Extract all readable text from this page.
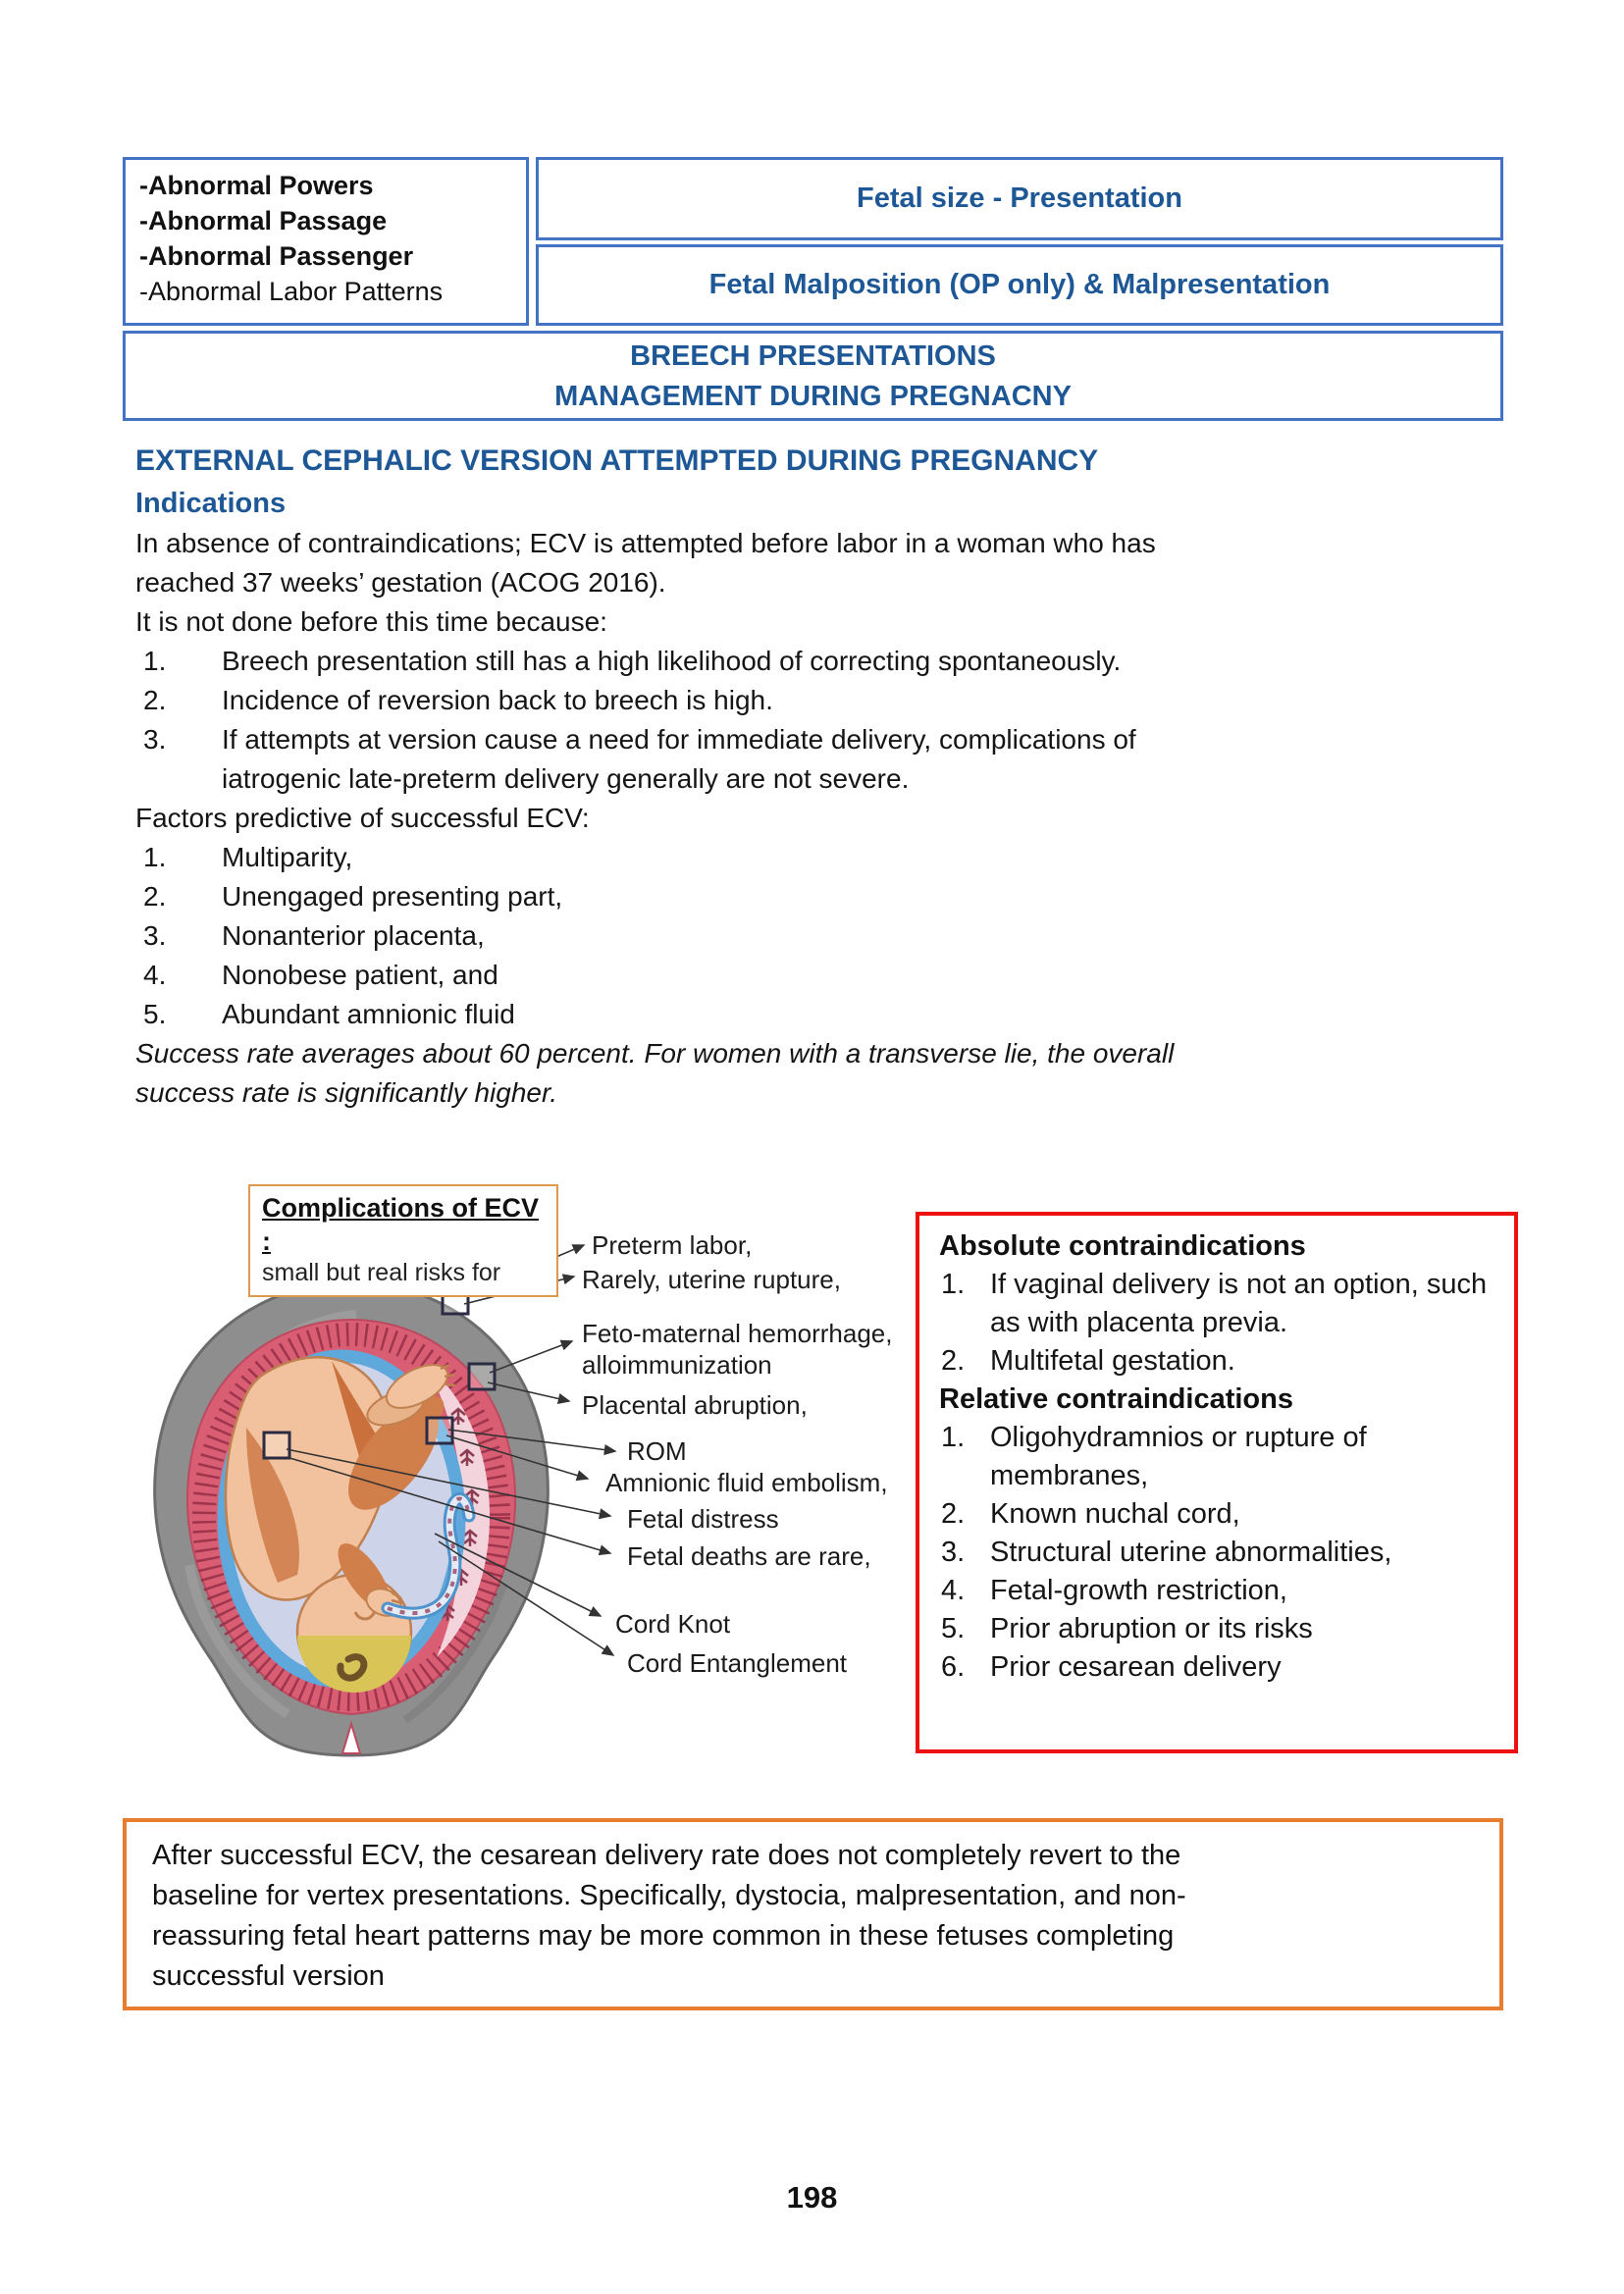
-Abnormal Powers
-Abnormal Passage
-Abnormal Passenger
-Abnormal Labor Patterns
Fetal size - Presentation
Fetal Malposition (OP only) & Malpresentation
BREECH PRESENTATIONS
MANAGEMENT DURING PREGNACNY
EXTERNAL CEPHALIC VERSION ATTEMPTED DURING PREGNANCY
Indications

In absence of contraindications; ECV is attempted before labor in a woman who has reached 37 weeks’ gestation (ACOG 2016).

It is not done before this time because:

1.	Breech presentation still has a high likelihood of correcting spontaneously.
2.	Incidence of reversion back to breech is high.
3.	If attempts at version cause a need for immediate delivery, complications of iatrogenic late-preterm delivery generally are not severe.

Factors predictive of successful ECV:

1.	Multiparity,
2.	Unengaged presenting part,
3.	Nonanterior placenta,
4.	Nonobese patient, and
5.	Abundant amnionic fluid

Success rate averages about 60 percent. For women with a transverse lie, the overall success rate is significantly higher.

Complications of ECV :
small but real risks for
Preterm labor,
Rarely, uterine rupture,
Feto-maternal hemorrhage, alloimmunization
Placental abruption,
ROM
Amnionic fluid embolism,
Fetal distress
Fetal deaths are rare,
Cord Knot
Cord Entanglement
Absolute contraindications
1. If vaginal delivery is not an option, such as with placenta previa.
2. Multifetal gestation.
Relative contraindications
1. Oligohydramnios or rupture of membranes,
2. Known nuchal cord,
3. Structural uterine abnormalities,
4. Fetal-growth restriction,
5. Prior abruption or its risks
6. Prior cesarean delivery

After successful ECV, the cesarean delivery rate does not completely revert to the baseline for vertex presentations. Specifically, dystocia, malpresentation, and non-reassuring fetal heart patterns may be more common in these fetuses completing successful version

198
